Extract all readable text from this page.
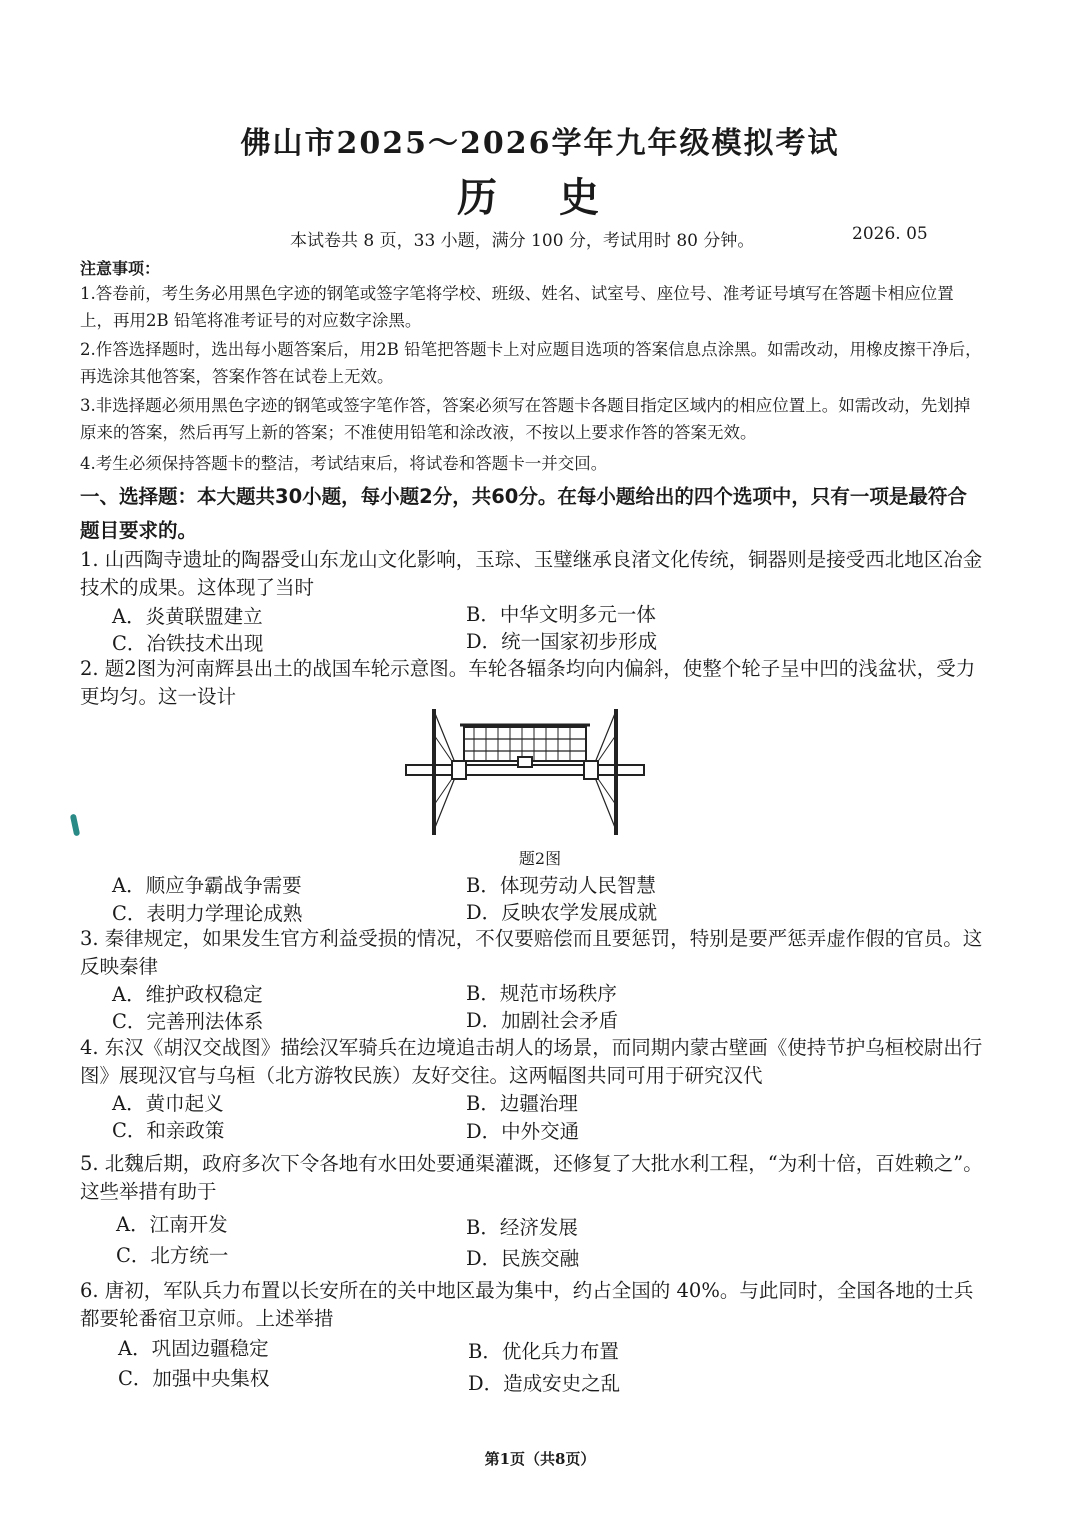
佛山市2025～2026学年九年级模拟考试
历 史
本试卷共 8 页，33 小题，满分 100 分，考试用时 80 分钟。	2026. 05
注意事项：
1.答卷前，考生务必用黑色字迹的钢笔或签字笔将学校、班级、姓名、试室号、座位号、准考证号填写在答题卡相应位置上，再用2B 铅笔将准考证号的对应数字涂黑。
2.作答选择题时，选出每小题答案后，用2B 铅笔把答题卡上对应题目选项的答案信息点涂黑。如需改动，用橡皮擦干净后，再选涂其他答案，答案作答在试卷上无效。
3.非选择题必须用黑色字迹的钢笔或签字笔作答，答案必须写在答题卡各题目指定区域内的相应位置上。如需改动，先划掉原来的答案，然后再写上新的答案；不准使用铅笔和涂改液，不按以上要求作答的答案无效。
4.考生必须保持答题卡的整洁，考试结束后，将试卷和答题卡一并交回。
一、选择题：本大题共30小题，每小题2分，共60分。在每小题给出的四个选项中，只有一项是最符合题目要求的。
1. 山西陶寺遗址的陶器受山东龙山文化影响，玉琮、玉璧继承良渚文化传统，铜器则是接受西北地区冶金技术的成果。这体现了当时
A．炎黄联盟建立	B．中华文明多元一体
C．冶铁技术出现	D．统一国家初步形成
2. 题2图为河南辉县出土的战国车轮示意图。车轮各辐条均向内偏斜，使整个轮子呈中凹的浅盆状，受力更均匀。这一设计
题2图
A．顺应争霸战争需要	B．体现劳动人民智慧
C．表明力学理论成熟	D．反映农学发展成就
3. 秦律规定，如果发生官方利益受损的情况，不仅要赔偿而且要惩罚，特别是要严惩弄虚作假的官员。这反映秦律
A．维护政权稳定	B．规范市场秩序
C．完善刑法体系	D．加剧社会矛盾
4. 东汉《胡汉交战图》描绘汉军骑兵在边境追击胡人的场景，而同期内蒙古壁画《使持节护乌桓校尉出行图》展现汉官与乌桓（北方游牧民族）友好交往。这两幅图共同可用于研究汉代
A．黄巾起义	B．边疆治理
C．和亲政策	D．中外交通
5. 北魏后期，政府多次下令各地有水田处要通渠灌溉，还修复了大批水利工程，“为利十倍，百姓赖之”。这些举措有助于
A．江南开发	B．经济发展
C．北方统一	D．民族交融
6. 唐初，军队兵力布置以长安所在的关中地区最为集中，约占全国的 40%。与此同时，全国各地的士兵都要轮番宿卫京师。上述举措
A．巩固边疆稳定	B．优化兵力布置
C．加强中央集权	D．造成安史之乱
第1页（共8页）
